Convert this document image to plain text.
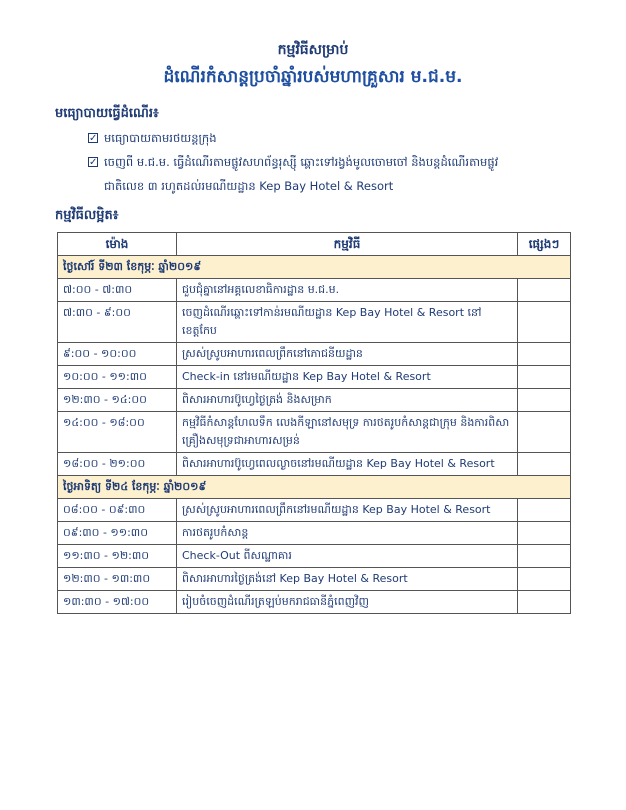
កម្មវិធីសម្រាប់
ដំណើរកំសាន្តប្រចាំឆ្នាំរបស់មហាគ្រួសារ ម.ជ.ម.
មធ្យោបាយធ្វើដំណើរ៖
✓មធ្យោបាយតាមរថយន្តក្រុង
✓ចេញពី ម.ជ.ម. ធ្វើដំណើរតាមផ្លូវសហព័ន្ធរុស្ស៊ី ឆ្ពោះទៅរង្វង់មូលចោមចៅ និងបន្តដំណើរតាមផ្លូវ
ជាតិលេខ ៣ រហូតដល់រមណីយដ្ឋាន Kep Bay Hotel & Resort
កម្មវិធីលម្អិត៖
ម៉ោង	កម្មវិធី	ផ្សេងៗ
ថ្ងៃសៅរ៍ ទី២៣ ខែកុម្ភៈ ឆ្នាំ២០១៩		
៧:០០ - ៧:៣០	ជួបជុំគ្នានៅអគ្គលេខាធិការដ្ឋាន ម.ជ.ម.	
៧:៣០ - ៩:០០	ចេញដំណើរឆ្ពោះទៅកាន់រមណីយដ្ឋាន Kep Bay Hotel & Resort នៅខេត្តកែប	
៩:០០ - ១០:០០	ស្រស់ស្រូបអាហារពេលព្រឹកនៅភោជនីយដ្ឋាន	
១០:០០ - ១១:៣០	Check-in នៅរមណីយដ្ឋាន Kep Bay Hotel & Resort	
១២:៣០ - ១៤:០០	ពិសារអាហារប៊ូហ្វេថ្ងៃត្រង់ និងសម្រាក	
១៤:០០ - ១៨:០០	កម្មវិធីកំសាន្តហែលទឹក លេងកីឡានៅសមុទ្រ ការថតរូបកំសាន្តជាក្រុម និងការពិសាគ្រឿងសមុទ្រជាអាហារសម្រន់	
១៨:០០ - ២១:០០	ពិសារអាហារប៊ូហ្វេពេលល្ងាចនៅរមណីយដ្ឋាន Kep Bay Hotel & Resort	
ថ្ងៃអាទិត្យ ទី២៤ ខែកុម្ភៈ ឆ្នាំ២០១៩		
០៨:០០ - ០៩:៣០	ស្រស់ស្រូបអាហារពេលព្រឹកនៅរមណីយដ្ឋាន Kep Bay Hotel & Resort	
០៩:៣០ - ១១:៣០	ការថតរូបកំសាន្ត	
១១:៣០ - ១២:៣០	Check-Out ពីសណ្ឋាគារ	
១២:៣០ - ១៣:៣០	ពិសារអាហារថ្ងៃត្រង់នៅ Kep Bay Hotel & Resort	
១៣:៣០ - ១៧:០០	រៀបចំចេញដំណើរត្រឡប់មករាជធានីភ្នំពេញវិញ	
